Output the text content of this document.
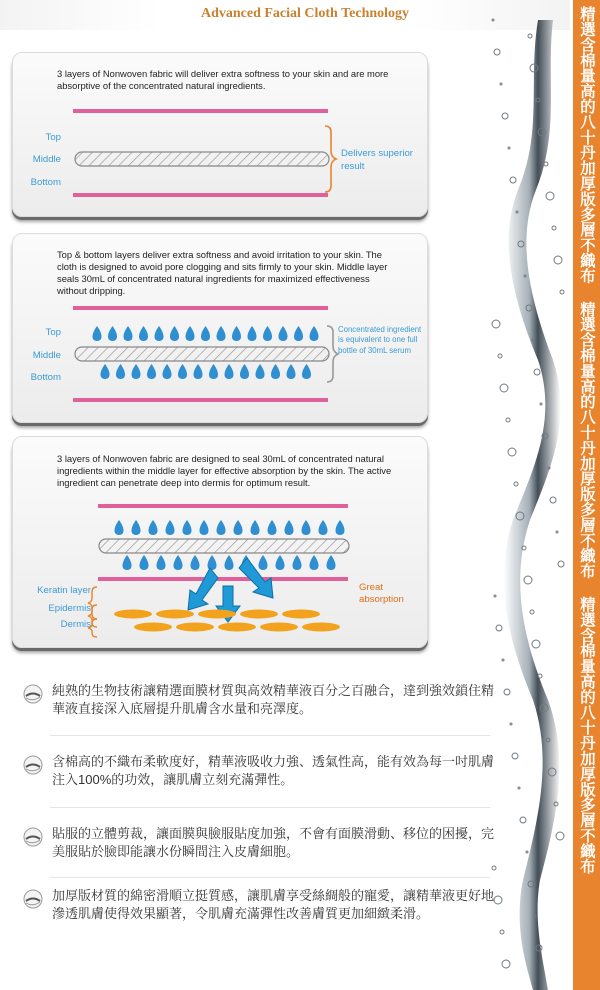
Advanced Facial Cloth Technology
3 layers of Nonwoven fabric will deliver extra softness to your skin and are more absorptive of the concentrated natural ingredients.
Top
Middle
Bottom
Delivers superior result
Top & bottom layers deliver extra softness and avoid irritation to your skin. The cloth is designed to avoid pore clogging and sits firmly to your skin. Middle layer seals 30mL of concentrated natural ingredients for maximized effectiveness without dripping.
Top
Middle
Bottom
Concentrated ingredient is equivalent to one full bottle of 30mL serum
3 layers of Nonwoven fabric are designed to seal 30mL of concentrated natural ingredients within the middle layer for effective absorption by the skin. The active ingredient can penetrate deep into dermis for optimum result.
Keratin layer
Epidermis
Dermis
Great absorption	精選含棉量高的八十丹加厚版多層不織布 精選含棉量高的八十丹加厚版多層不織布 精選含棉量高的八十丹加厚版多層不織布
純熟的生物技術讓精選面膜材質與高效精華液百分之百融合，達到強效鎖住精華液直接深入底層提升肌膚含水量和亮澤度。
含棉高的不織布柔軟度好，精華液吸收力強、透氣性高，能有效為每一吋肌膚注入100%的功效，讓肌膚立刻充滿彈性。
貼服的立體剪裁，讓面膜與臉服貼度加強，不會有面膜滑動、移位的困擾，完美服貼於臉即能讓水份瞬間注入皮膚細胞。
加厚版材質的綿密滑順立挺質感，讓肌膚享受絲綢般的寵愛，讓精華液更好地滲透肌膚使得效果顯著，令肌膚充滿彈性改善膚質更加細緻柔滑。
